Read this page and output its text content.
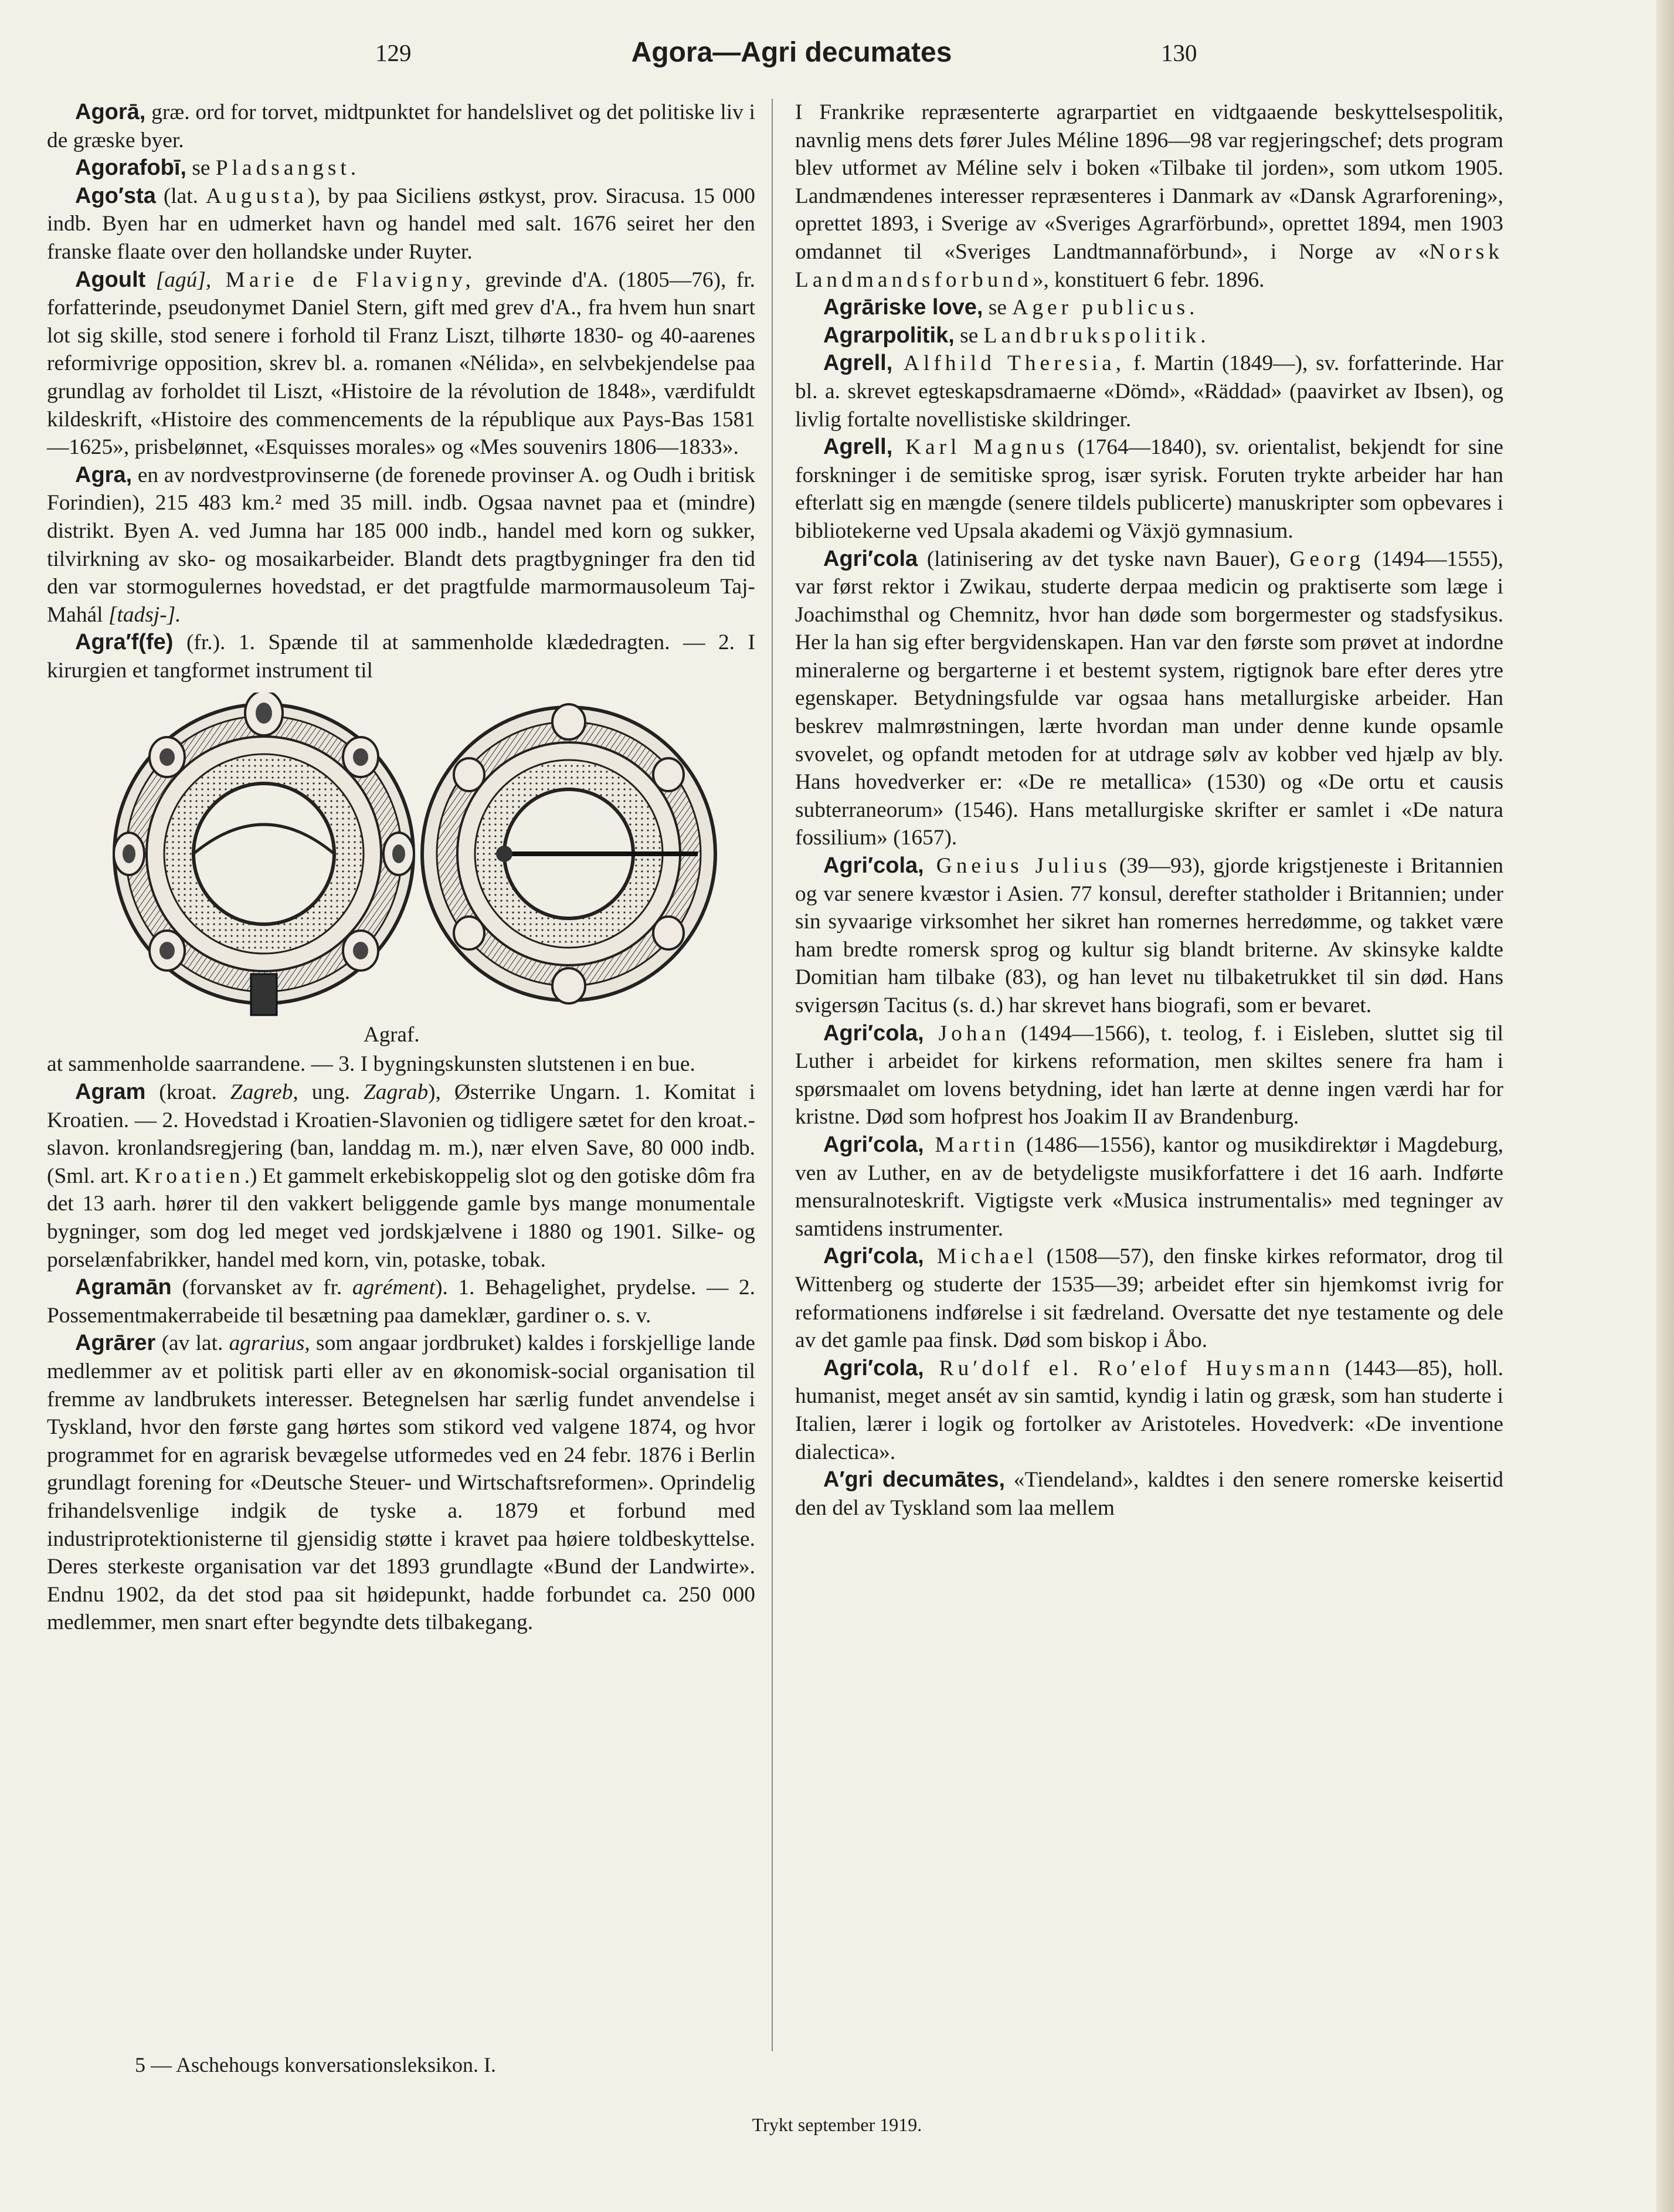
129	Agora—Agri decumates	130

Agorā, græ. ord for torvet, midtpunktet for handelslivet og det politiske liv i de græske byer.

Agorafobī, se Pladsangst.

Ago′sta (lat. Augusta), by paa Siciliens østkyst, prov. Siracusa. 15 000 indb. Byen har en udmerket havn og handel med salt. 1676 seiret her den franske flaate over den hollandske under Ruyter.

Agoult [agú], Marie de Flavigny, grevinde d'A. (1805—76), fr. forfatterinde, pseudonymet Daniel Stern, gift med grev d'A., fra hvem hun snart lot sig skille, stod senere i forhold til Franz Liszt, tilhørte 1830- og 40-aarenes reformivrige opposition, skrev bl. a. romanen «Nélida», en selvbekjendelse paa grundlag av forholdet til Liszt, «Histoire de la révolution de 1848», værdifuldt kildeskrift, «Histoire des commencements de la république aux Pays-Bas 1581—1625», prisbelønnet, «Esquisses morales» og «Mes souvenirs 1806—1833».

Agra, en av nordvestprovinserne (de forenede provinser A. og Oudh i britisk Forindien), 215 483 km.² med 35 mill. indb. Ogsaa navnet paa et (mindre) distrikt. Byen A. ved Jumna har 185 000 indb., handel med korn og sukker, tilvirkning av sko- og mosaikarbeider. Blandt dets pragtbygninger fra den tid den var stormogulernes hovedstad, er det pragtfulde marmormausoleum Taj-Mahál [tadsj-].

Agra′f(fe) (fr.). 1. Spænde til at sammenholde klædedragten. — 2. I kirurgien et tangformet instrument til

Agraf.

at sammenholde saarrandene. — 3. I bygningskunsten slutstenen i en bue.

Agram (kroat. Zagreb, ung. Zagrab), Østerrike Ungarn. 1. Komitat i Kroatien. — 2. Hovedstad i Kroatien-Slavonien og tidligere sætet for den kroat.-slavon. kronlandsregjering (ban, landdag m. m.), nær elven Save, 80 000 indb. (Sml. art. Kroatien.) Et gammelt erkebiskoppelig slot og den gotiske dôm fra det 13 aarh. hører til den vakkert beliggende gamle bys mange monumentale bygninger, som dog led meget ved jordskjælvene i 1880 og 1901. Silke- og porselænfabrikker, handel med korn, vin, potaske, tobak.

Agramān (forvansket av fr. agrément). 1. Behagelighet, prydelse. — 2. Possementmakerrabeide til besætning paa dameklær, gardiner o. s. v.

Agrārer (av lat. agrarius, som angaar jordbruket) kaldes i forskjellige lande medlemmer av et politisk parti eller av en økonomisk-social organisation til fremme av landbrukets interesser. Betegnelsen har særlig fundet anvendelse i Tyskland, hvor den første gang hørtes som stikord ved valgene 1874, og hvor programmet for en agrarisk bevægelse utformedes ved en 24 febr. 1876 i Berlin grundlagt forening for «Deutsche Steuer- und Wirtschaftsreformen». Oprindelig frihandelsvenlige indgik de tyske a. 1879 et forbund med industriprotektionisterne til gjensidig støtte i kravet paa høiere toldbeskyttelse. Deres sterkeste organisation var det 1893 grundlagte «Bund der Landwirte». Endnu 1902, da det stod paa sit høidepunkt, hadde forbundet ca. 250 000 medlemmer, men snart efter begyndte dets tilbakegang.

I Frankrike repræsenterte agrarpartiet en vidtgaaende beskyttelsespolitik, navnlig mens dets fører Jules Méline 1896—98 var regjeringschef; dets program blev utformet av Méline selv i boken «Tilbake til jorden», som utkom 1905. Landmændenes interesser repræsenteres i Danmark av «Dansk Agrarforening», oprettet 1893, i Sverige av «Sveriges Agrarförbund», oprettet 1894, men 1903 omdannet til «Sveriges Landtmannaförbund», i Norge av «Norsk Landmandsforbund», konstituert 6 febr. 1896.

Agrāriske love, se Ager publicus.

Agrarpolitik, se Landbrukspolitik.

Agrell, Alfhild Theresia, f. Martin (1849—), sv. forfatterinde. Har bl. a. skrevet egteskapsdramaerne «Dömd», «Räddad» (paavirket av Ibsen), og livlig fortalte novellistiske skildringer.

Agrell, Karl Magnus (1764—1840), sv. orientalist, bekjendt for sine forskninger i de semitiske sprog, især syrisk. Foruten trykte arbeider har han efterlatt sig en mængde (senere tildels publicerte) manuskripter som opbevares i bibliotekerne ved Upsala akademi og Växjö gymnasium.

Agri′cola (latinisering av det tyske navn Bauer), Georg (1494—1555), var først rektor i Zwikau, studerte derpaa medicin og praktiserte som læge i Joachimsthal og Chemnitz, hvor han døde som borgermester og stadsfysikus. Her la han sig efter bergvidenskapen. Han var den første som prøvet at indordne mineralerne og bergarterne i et bestemt system, rigtignok bare efter deres ytre egenskaper. Betydningsfulde var ogsaa hans metallurgiske arbeider. Han beskrev malmrøstningen, lærte hvordan man under denne kunde opsamle svovelet, og opfandt metoden for at utdrage sølv av kobber ved hjælp av bly. Hans hovedverker er: «De re metallica» (1530) og «De ortu et causis subterraneorum» (1546). Hans metallurgiske skrifter er samlet i «De natura fossilium» (1657).

Agri′cola, Gneius Julius (39—93), gjorde krigstjeneste i Britannien og var senere kvæstor i Asien. 77 konsul, derefter statholder i Britannien; under sin syvaarige virksomhet her sikret han romernes herredømme, og takket være ham bredte romersk sprog og kultur sig blandt briterne. Av skinsyke kaldte Domitian ham tilbake (83), og han levet nu tilbaketrukket til sin død. Hans svigersøn Tacitus (s. d.) har skrevet hans biografi, som er bevaret.

Agri′cola, Johan (1494—1566), t. teolog, f. i Eisleben, sluttet sig til Luther i arbeidet for kirkens reformation, men skiltes senere fra ham i spørsmaalet om lovens betydning, idet han lærte at denne ingen værdi har for kristne. Død som hofprest hos Joakim II av Brandenburg.

Agri′cola, Martin (1486—1556), kantor og musikdirektør i Magdeburg, ven av Luther, en av de betydeligste musikforfattere i det 16 aarh. Indførte mensuralnoteskrift. Vigtigste verk «Musica instrumentalis» med tegninger av samtidens instrumenter.

Agri′cola, Michael (1508—57), den finske kirkes reformator, drog til Wittenberg og studerte der 1535—39; arbeidet efter sin hjemkomst ivrig for reformationens indførelse i sit fædreland. Oversatte det nye testamente og dele av det gamle paa finsk. Død som biskop i Åbo.

Agri′cola, Ru′dolf el. Ro′elof Huysmann (1443—85), holl. humanist, meget ansét av sin samtid, kyndig i latin og græsk, som han studerte i Italien, lærer i logik og fortolker av Aristoteles. Hovedverk: «De inventione dialectica».

A′gri decumātes, «Tiendeland», kaldtes i den senere romerske keisertid den del av Tyskland som laa mellem

5 — Aschehougs konversationsleksikon. I.
Trykt september 1919.
